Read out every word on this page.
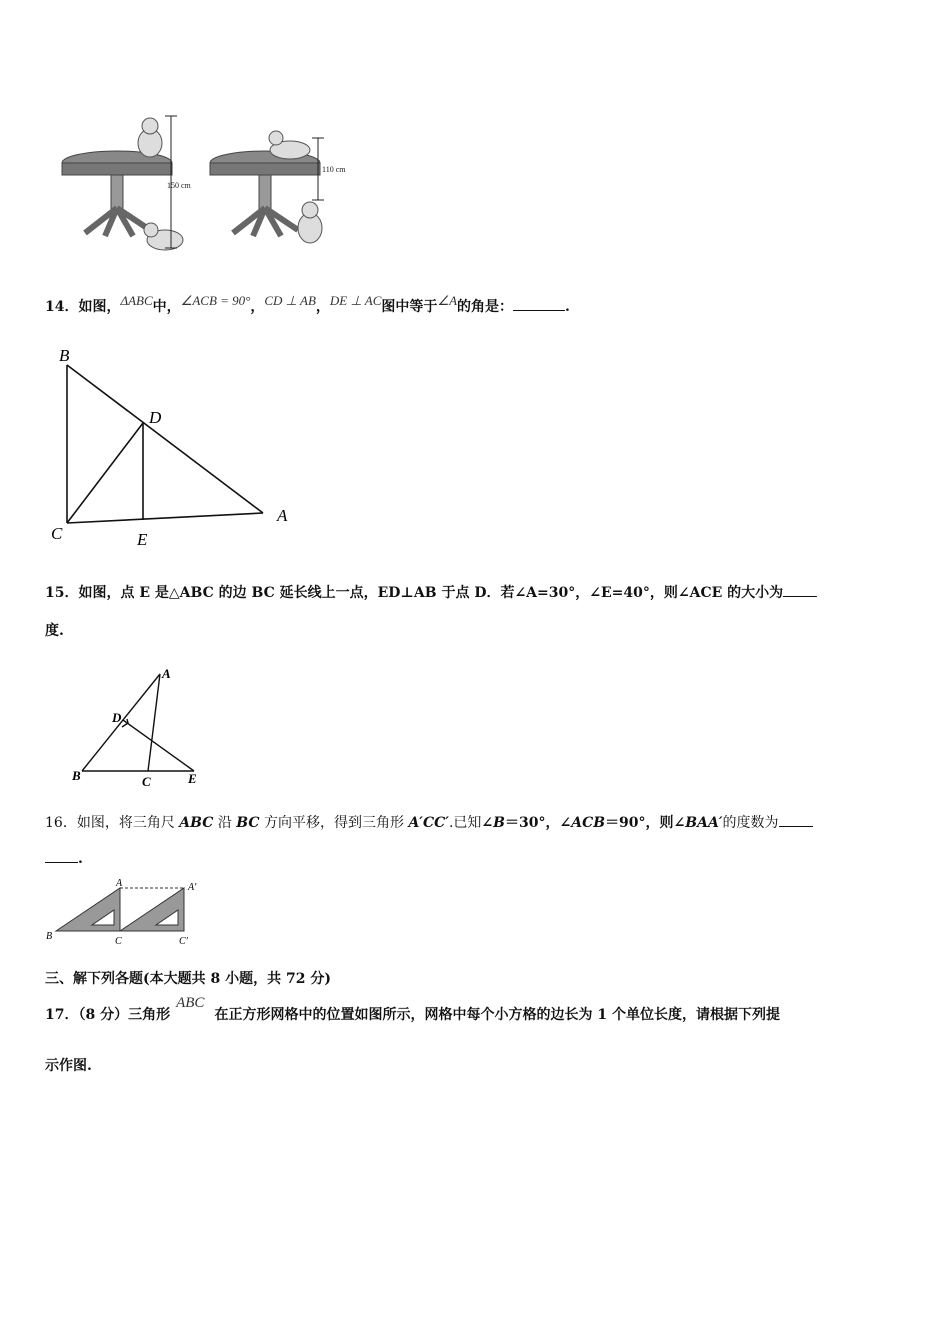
150 cm
110 cm
14．如图，ΔABC中，∠ACB = 90°，CD ⊥ AB，DE ⊥ AC图中等于∠A的角是：	.
B
D
C	E
A
15．如图，点 E 是△ABC 的边 BC 延长线上一点，ED⊥AB 于点 D．若∠A=30°，∠E=40°，则∠ACE 的大小为
度.
A
D
B	C	E
16．如图，将三角尺 ABC 沿 BC 方向平移，得到三角形 A′CC′.已知∠B＝30°，∠ACB＝90°，则∠BAA′的度数为
.
A	A′
B	C	C′
三、解下列各题(本大题共 8 小题，共 72 分)
17．（8 分）三角形ABC在正方形网格中的位置如图所示，网格中每个小方格的边长为 1 个单位长度，请根据下列提
示作图.
